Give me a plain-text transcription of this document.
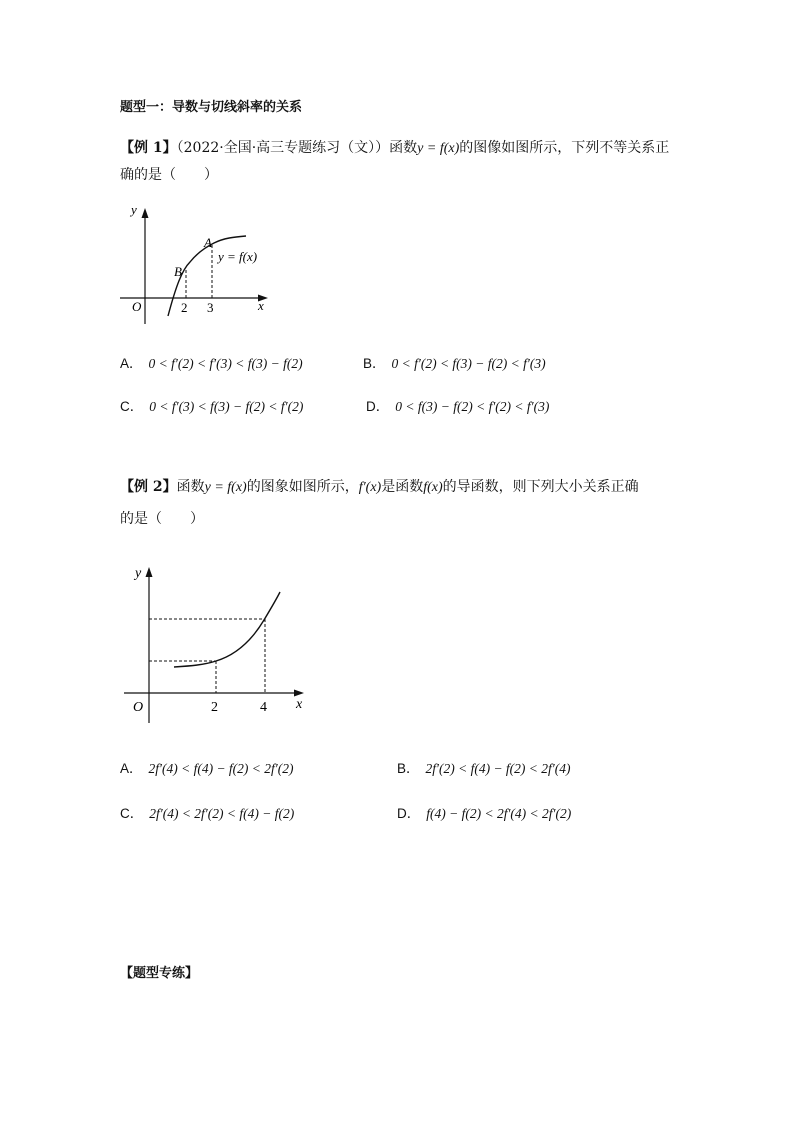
题型一：导数与切线斜率的关系
【例 1】（2022·全国·高三专题练习（文））函数y = f(x)的图像如图所示，下列不等关系正
确的是（　　）
y
x
O
A
B
y = f(x)
2 3
A． 0 < f′(2) < f′(3) < f(3) − f(2)	B． 0 < f′(2) < f(3) − f(2) < f′(3)
C． 0 < f′(3) < f(3) − f(2) < f′(2)	D． 0 < f(3) − f(2) < f′(2) < f′(3)
【例 2】函数y = f(x)的图象如图所示，f′(x)是函数f(x)的导函数，则下列大小关系正确
的是（　　）
y
x
O	2	4
A． 2f′(4) < f(4) − f(2) < 2f′(2)	B． 2f′(2) < f(4) − f(2) < 2f′(4)
C． 2f′(4) < 2f′(2) < f(4) − f(2)	D． f(4) − f(2) < 2f′(4) < 2f′(2)
【题型专练】
